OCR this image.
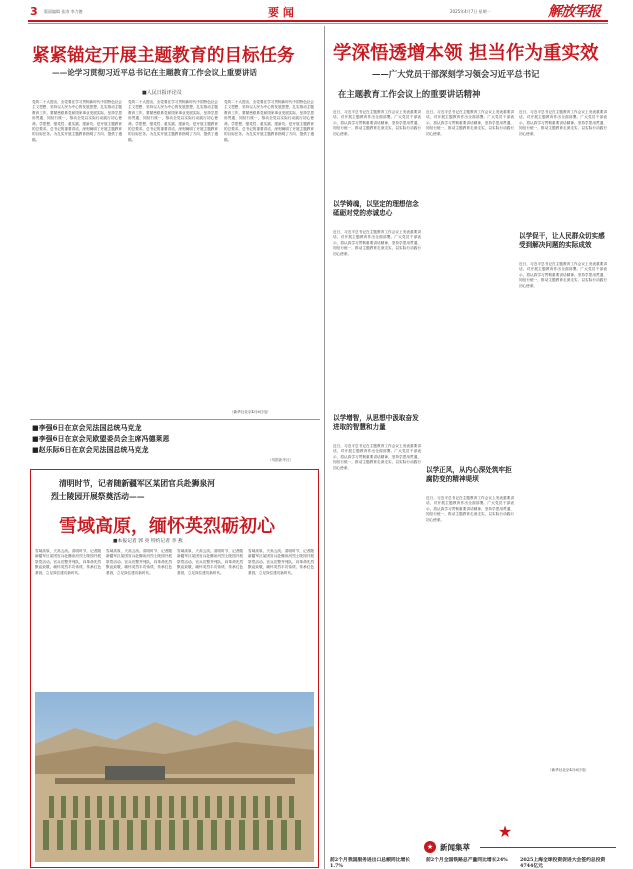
3 版面编辑 张涛 李力德	要 闻	2025年4月7日 星期一	解放军报
紧紧锚定开展主题教育的目标任务
——论学习贯彻习近平总书记在主题教育工作会议上重要讲话
■人民日报评论员
党的二十大提出，全党要在学习贯彻新时代中国特色社会主义思想、坚持以人民为中心的发展思想，扎实推动主题教育工作。要紧密联系党和国家事业发展实际，坚持学思用贯通、知信行统一，推动全党以实际行动践行初心使命。学思想、强党性、重实践、建新功，是开展主题教育的总要求。总书记的重要讲话，深刻阐明了开展主题教育的目标任务，为扎实开展主题教育指明了方向、提供了遵循。
党的二十大提出，全党要在学习贯彻新时代中国特色社会主义思想、坚持以人民为中心的发展思想，扎实推动主题教育工作。要紧密联系党和国家事业发展实际，坚持学思用贯通、知信行统一，推动全党以实际行动践行初心使命。学思想、强党性、重实践、建新功，是开展主题教育的总要求。总书记的重要讲话，深刻阐明了开展主题教育的目标任务，为扎实开展主题教育指明了方向、提供了遵循。
党的二十大提出，全党要在学习贯彻新时代中国特色社会主义思想、坚持以人民为中心的发展思想，扎实推动主题教育工作。要紧密联系党和国家事业发展实际，坚持学思用贯通、知信行统一，推动全党以实际行动践行初心使命。学思想、强党性、重实践、建新功，是开展主题教育的总要求。总书记的重要讲话，深刻阐明了开展主题教育的目标任务，为扎实开展主题教育指明了方向、提供了遵循。
（新华社北京4月6日电）
■李强6日在京会见法国总统马克龙
■李强6日在京会见欧盟委员会主席冯德莱恩
■赵乐际6日在京会见法国总统马克龙
（均据新华社）
清明时节，记者随新疆军区某团官兵赴狮泉河
烈士陵园开展祭奠活动——
雪域高原，缅怀英烈砺初心
■本报记者 郭 亮 特约记者 李 燕
雪域高原，天高云淡。清明时节，记者随新疆军区某团官兵赴狮泉河烈士陵园开展祭奠活动。官兵们整齐列队，向革命先烈默哀致敬，缅怀英烈丰功伟绩，传承红色基因，立足岗位建功新时代。
雪域高原，天高云淡。清明时节，记者随新疆军区某团官兵赴狮泉河烈士陵园开展祭奠活动。官兵们整齐列队，向革命先烈默哀致敬，缅怀英烈丰功伟绩，传承红色基因，立足岗位建功新时代。
雪域高原，天高云淡。清明时节，记者随新疆军区某团官兵赴狮泉河烈士陵园开展祭奠活动。官兵们整齐列队，向革命先烈默哀致敬，缅怀英烈丰功伟绩，传承红色基因，立足岗位建功新时代。
雪域高原，天高云淡。清明时节，记者随新疆军区某团官兵赴狮泉河烈士陵园开展祭奠活动。官兵们整齐列队，向革命先烈默哀致敬，缅怀英烈丰功伟绩，传承红色基因，立足岗位建功新时代。
学深悟透增本领 担当作为重实效
——广大党员干部深刻学习领会习近平总书记
在主题教育工作会议上的重要讲话精神
近日，习近平总书记在主题教育工作会议上发表重要讲话，对开展主题教育作出全面部署。广大党员干部表示，将认真学习贯彻重要讲话精神，坚持学思用贯通、知信行统一，推动主题教育走深走实，以实际行动践行初心使命。
以学铸魂，以坚定的理想信念砥砺对党的赤诚忠心
近日，习近平总书记在主题教育工作会议上发表重要讲话，对开展主题教育作出全面部署。广大党员干部表示，将认真学习贯彻重要讲话精神，坚持学思用贯通、知信行统一，推动主题教育走深走实，以实际行动践行初心使命。
以学增智，从思想中汲取奋发进取的智慧和力量
近日，习近平总书记在主题教育工作会议上发表重要讲话，对开展主题教育作出全面部署。广大党员干部表示，将认真学习贯彻重要讲话精神，坚持学思用贯通、知信行统一，推动主题教育走深走实，以实际行动践行初心使命。
近日，习近平总书记在主题教育工作会议上发表重要讲话，对开展主题教育作出全面部署。广大党员干部表示，将认真学习贯彻重要讲话精神，坚持学思用贯通、知信行统一，推动主题教育走深走实，以实际行动践行初心使命。
以学正风，从内心深处筑牢拒腐防变的精神堤坝
近日，习近平总书记在主题教育工作会议上发表重要讲话，对开展主题教育作出全面部署。广大党员干部表示，将认真学习贯彻重要讲话精神，坚持学思用贯通、知信行统一，推动主题教育走深走实，以实际行动践行初心使命。
近日，习近平总书记在主题教育工作会议上发表重要讲话，对开展主题教育作出全面部署。广大党员干部表示，将认真学习贯彻重要讲话精神，坚持学思用贯通、知信行统一，推动主题教育走深走实，以实际行动践行初心使命。
以学促干，让人民群众切实感受到解决问题的实际成效
近日，习近平总书记在主题教育工作会议上发表重要讲话，对开展主题教育作出全面部署。广大党员干部表示，将认真学习贯彻重要讲话精神，坚持学思用贯通、知信行统一，推动主题教育走深走实，以实际行动践行初心使命。
（新华社北京4月6日电）
★
★ 新闻集萃
前2个月我国服务进出口总额同比增长1.7%
前2个月全国铁路总产量同比增长24%	2025上海全球投资促进大会签约总投资4744亿元
